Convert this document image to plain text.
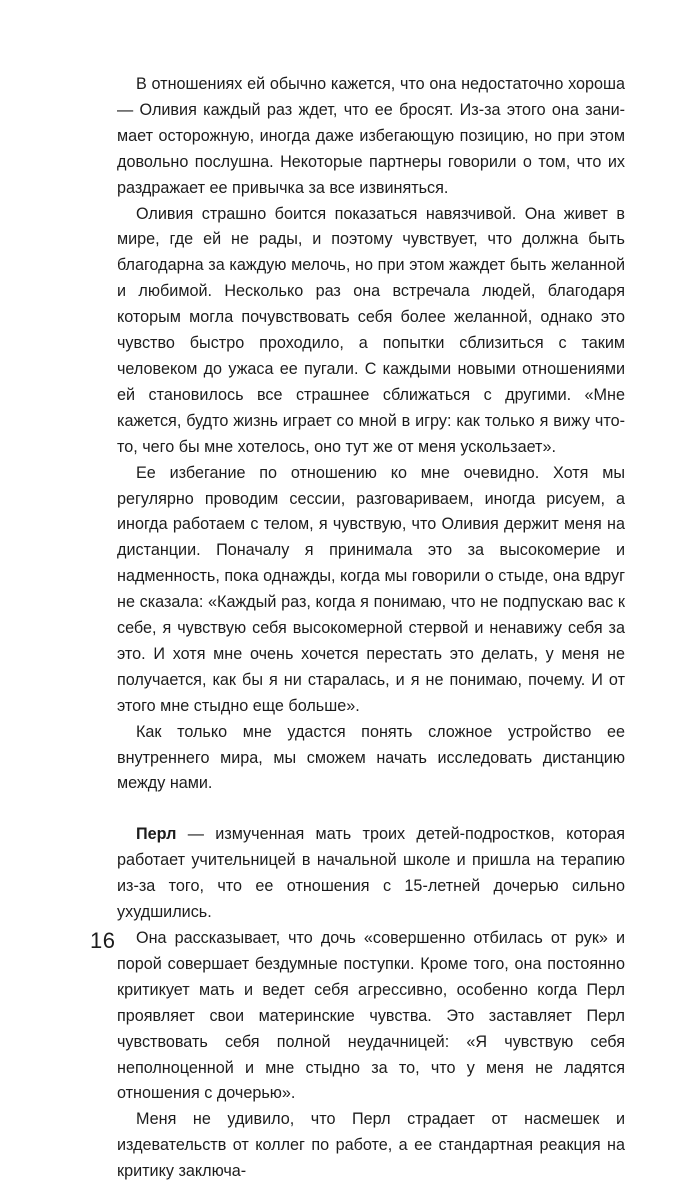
В отношениях ей обычно кажется, что она недостаточно хороша — Оливия каждый раз ждет, что ее бросят. Из-за этого она занимает осторожную, иногда даже избегающую позицию, но при этом довольно послушна. Некоторые партнеры говорили о том, что их раздражает ее привычка за все извиняться.

Оливия страшно боится показаться навязчивой. Она живет в мире, где ей не рады, и поэтому чувствует, что должна быть благодарна за каждую мелочь, но при этом жаждет быть желанной и любимой. Несколько раз она встречала людей, благодаря которым могла почувствовать себя более желанной, однако это чувство быстро проходило, а попытки сблизиться с таким человеком до ужаса ее пугали. С каждыми новыми отношениями ей становилось все страшнее сближаться с другими. «Мне кажется, будто жизнь играет со мной в игру: как только я вижу что-то, чего бы мне хотелось, оно тут же от меня ускользает».

Ее избегание по отношению ко мне очевидно. Хотя мы регулярно проводим сессии, разговариваем, иногда рисуем, а иногда работаем с телом, я чувствую, что Оливия держит меня на дистанции. Поначалу я принимала это за высокомерие и надменность, пока однажды, когда мы говорили о стыде, она вдруг не сказала: «Каждый раз, когда я понимаю, что не подпускаю вас к себе, я чувствую себя высокомерной стервой и ненавижу себя за это. И хотя мне очень хочется перестать это делать, у меня не получается, как бы я ни старалась, и я не понимаю, почему. И от этого мне стыдно еще больше».

Как только мне удастся понять сложное устройство ее внутреннего мира, мы сможем начать исследовать дистанцию между нами.

Перл — измученная мать троих детей-подростков, которая работает учительницей в начальной школе и пришла на терапию из-за того, что ее отношения с 15-летней дочерью сильно ухудшились.

Она рассказывает, что дочь «совершенно отбилась от рук» и порой совершает бездумные поступки. Кроме того, она постоянно критикует мать и ведет себя агрессивно, особенно когда Перл проявляет свои материнские чувства. Это заставляет Перл чувствовать себя полной неудачницей: «Я чувствую себя неполноценной и мне стыдно за то, что у меня не ладятся отношения с дочерью».

Меня не удивило, что Перл страдает от насмешек и издевательств от коллег по работе, а ее стандартная реакция на критику заключа-

16
